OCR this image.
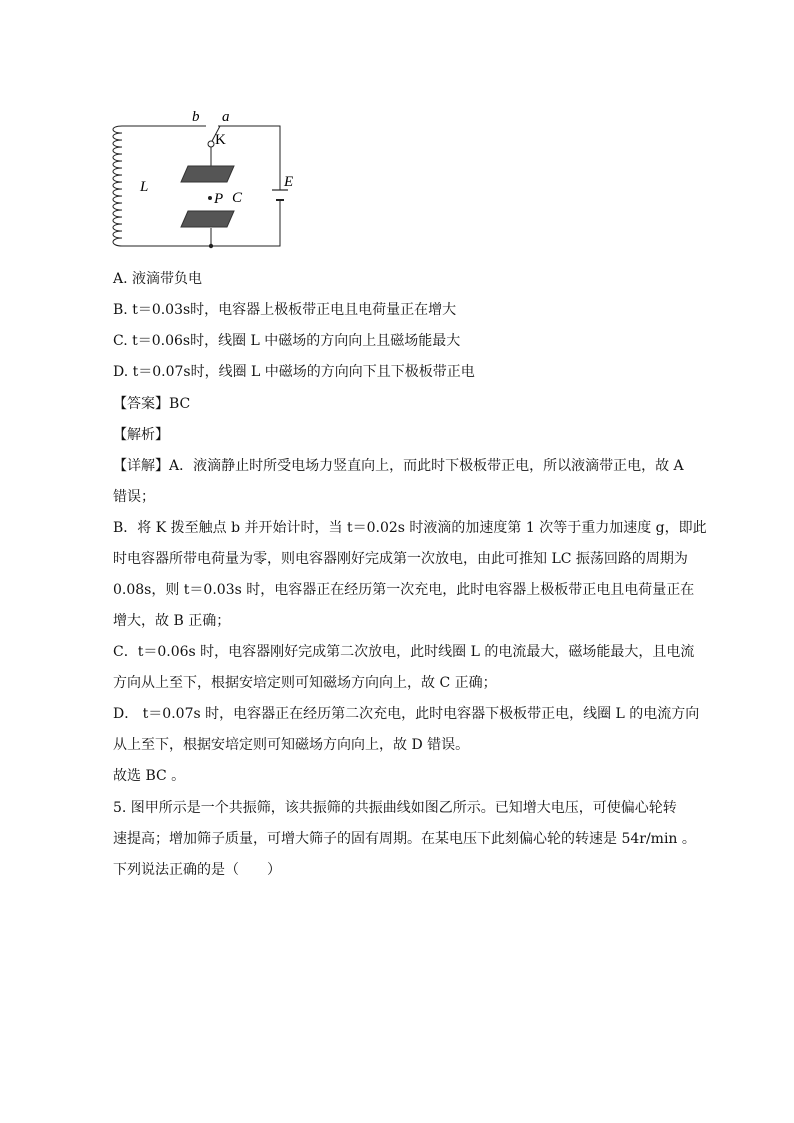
b a
K
L	E
P C
A. 液滴带负电
B. t＝0.03s时，电容器上极板带正电且电荷量正在增大
C. t＝0.06s时，线圈 L 中磁场的方向向上且磁场能最大
D. t＝0.07s时，线圈 L 中磁场的方向向下且下极板带正电
【答案】BC
【解析】
【详解】A．液滴静止时所受电场力竖直向上，而此时下极板带正电，所以液滴带正电，故 A
错误；
B．将 K 拨至触点 b 并开始计时，当 t＝0.02s 时液滴的加速度第 1 次等于重力加速度 g，即此
时电容器所带电荷量为零，则电容器刚好完成第一次放电，由此可推知 LC 振荡回路的周期为
0.08s，则 t＝0.03s 时，电容器正在经历第一次充电，此时电容器上极板带正电且电荷量正在
增大，故 B 正确；
C．t＝0.06s 时，电容器刚好完成第二次放电，此时线圈 L 的电流最大，磁场能最大，且电流
方向从上至下，根据安培定则可知磁场方向向上，故 C 正确；
D． t＝0.07s 时，电容器正在经历第二次充电，此时电容器下极板带正电，线圈 L 的电流方向
从上至下，根据安培定则可知磁场方向向上，故 D 错误。
故选 BC 。
5. 图甲所示是一个共振筛，该共振筛的共振曲线如图乙所示。已知增大电压，可使偏心轮转
速提高；增加筛子质量，可增大筛子的固有周期。在某电压下此刻偏心轮的转速是 54r/min 。
下列说法正确的是（　　）
